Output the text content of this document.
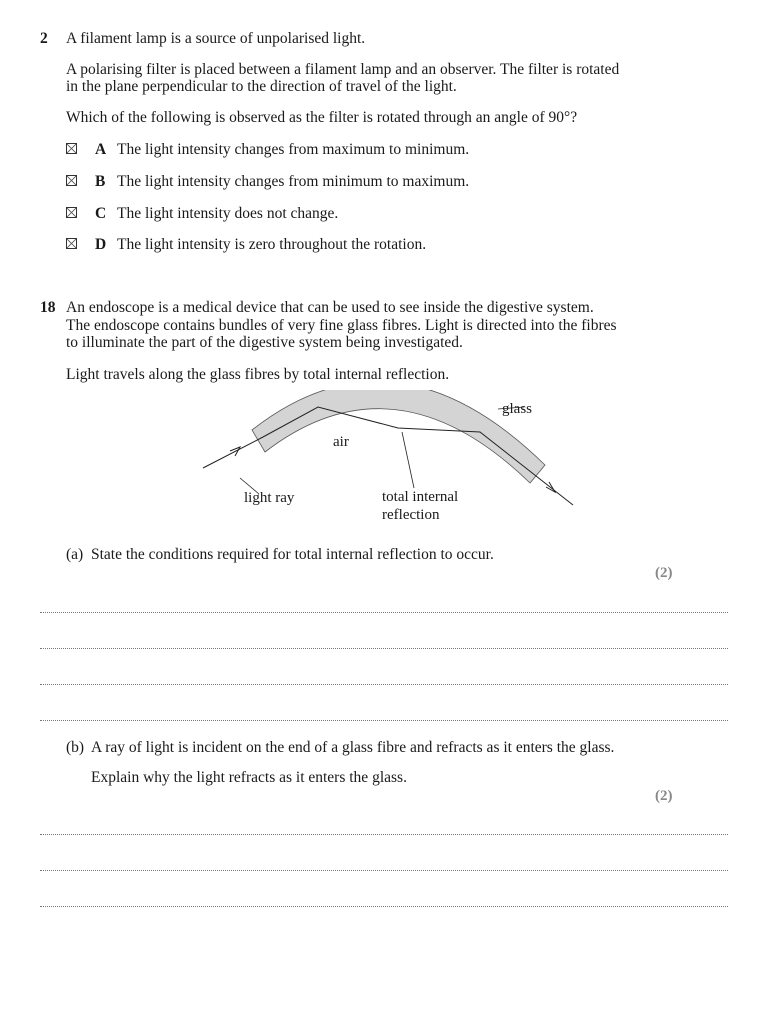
2 A filament lamp is a source of unpolarised light.
A polarising filter is placed between a filament lamp and an observer. The filter is rotated
in the plane perpendicular to the direction of travel of the light.
Which of the following is observed as the filter is rotated through an angle of 90°?
A The light intensity changes from maximum to minimum.
B The light intensity changes from minimum to maximum.
C The light intensity does not change.
D The light intensity is zero throughout the rotation.
18 An endoscope is a medical device that can be used to see inside the digestive system.
The endoscope contains bundles of very fine glass fibres. Light is directed into the fibres
to illuminate the part of the digestive system being investigated.
Light travels along the glass fibres by total internal reflection.
glass
air
light ray	total internal
reflection
(a) State the conditions required for total internal reflection to occur.
(2)
(b) A ray of light is incident on the end of a glass fibre and refracts as it enters the glass.
Explain why the light refracts as it enters the glass.
(2)
